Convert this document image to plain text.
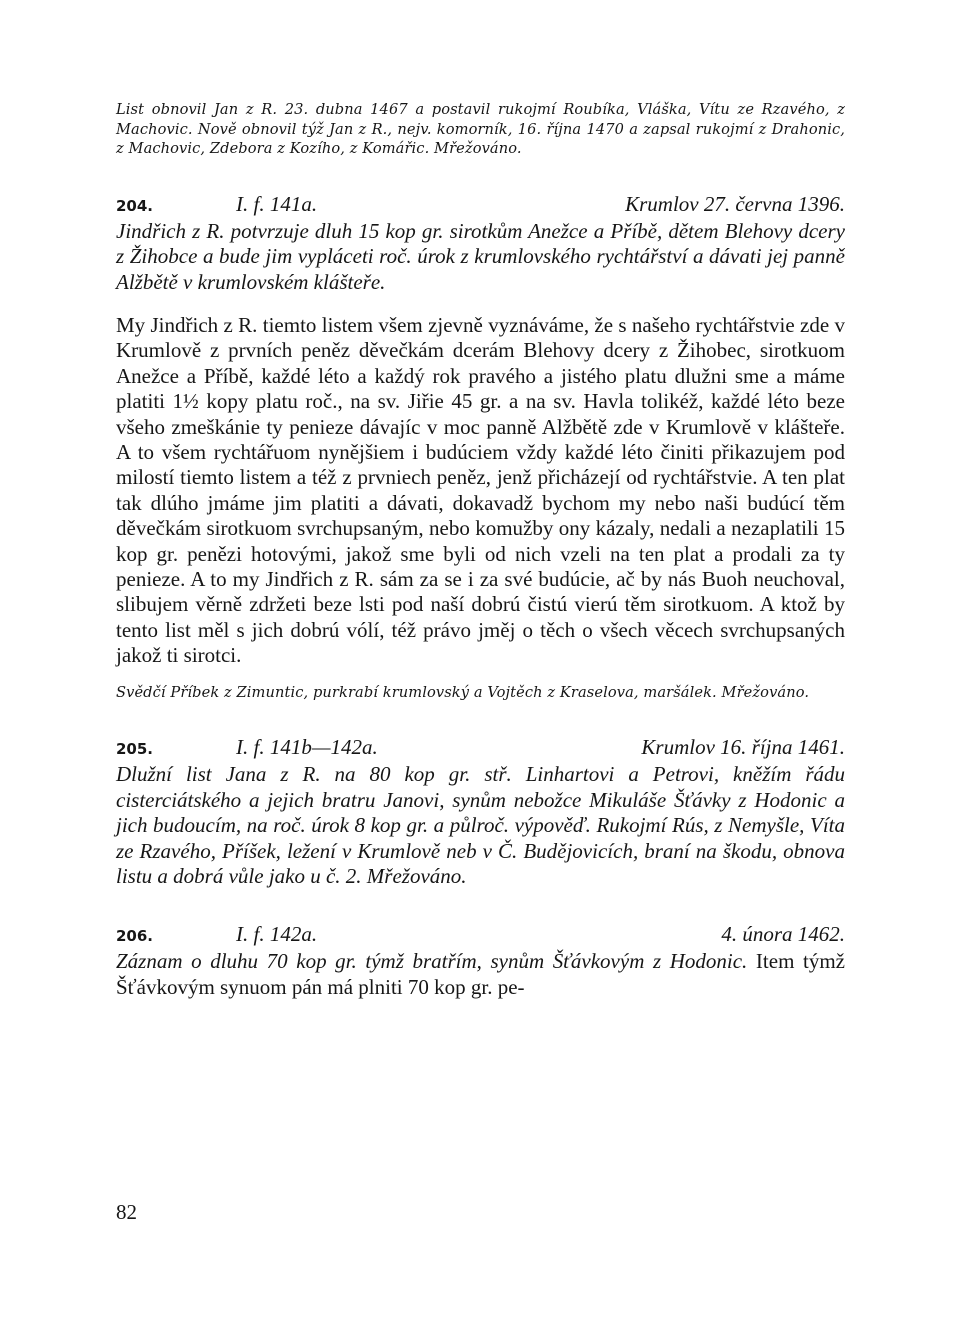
List obnovil Jan z R. 23. dubna 1467 a postavil rukojmí Roubíka, Vláška, Vítu ze Rzavého, z Machovic. Nově obnovil týž Jan z R., nejv. komorník, 16. října 1470 a zapsal rukojmí z Drahonic, z Machovic, Zdebora z Kozího, z Komářic. Mřežováno.

204.	I. f. 141a.	Krumlov 27. června 1396.

Jindřich z R. potvrzuje dluh 15 kop gr. sirotkům Anežce a Příbě, dětem Blehovy dcery z Žihobce a bude jim vypláceti roč. úrok z krumlovského rychtářství a dávati jej panně Alžbětě v krumlovském klášteře.

My Jindřich z R. tiemto listem všem zjevně vyznáváme, že s našeho rychtářstvie zde v Krumlově z prvních peněz děvečkám dcerám Blehovy dcery z Žihobec, sirotkuom Anežce a Příbě, každé léto a každý rok pravého a jistého platu dlužni sme a máme platiti 1½ kopy platu roč., na sv. Jiřie 45 gr. a na sv. Havla tolikéž, každé léto beze všeho zmeškánie ty penieze dávajíc v moc panně Alžbětě zde v Krumlově v klášteře. A to všem rychtářuom nynějšiem i budúciem vždy každé léto činiti přikazujem pod milostí tiemto listem a též z prvniech peněz, jenž přicházejí od rychtářstvie. A ten plat tak dlúho jmáme jim platiti a dávati, dokavadž bychom my nebo naši budúcí těm děvečkám sirotkuom svrchupsaným, nebo komužby ony kázaly, nedali a nezaplatili 15 kop gr. penězi hotovými, jakož sme byli od nich vzeli na ten plat a prodali za ty penieze. A to my Jindřich z R. sám za se i za své budúcie, ač by nás Buoh neuchoval, slibujem věrně zdržeti beze lsti pod naší dobrú čistú vierú těm sirotkuom. A ktož by tento list měl s jich dobrú vólí, též právo jměj o těch o všech věcech svrchupsaných jakož ti sirotci.

Svědčí Příbek z Zimuntic, purkrabí krumlovský a Vojtěch z Kraselova, maršálek. Mřežováno.

205.	I. f. 141b—142a.	Krumlov 16. října 1461.

Dlužní list Jana z R. na 80 kop gr. stř. Linhartovi a Petrovi, kněžím řádu cisterciátského a jejich bratru Janovi, synům nebožce Mikuláše Šťávky z Hodonic a jich budoucím, na roč. úrok 8 kop gr. a půlroč. výpověď. Rukojmí Rús, z Nemyšle, Víta ze Rzavého, Příšek, ležení v Krumlově neb v Č. Budějovicích, braní na škodu, obnova listu a dobrá vůle jako u č. 2. Mřežováno.

206.	I. f. 142a.	4. února 1462.

Záznam o dluhu 70 kop gr. týmž bratřím, synům Šťávkovým z Hodonic. Item týmž Šťávkovým synuom pán má plniti 70 kop gr. pe-

82
